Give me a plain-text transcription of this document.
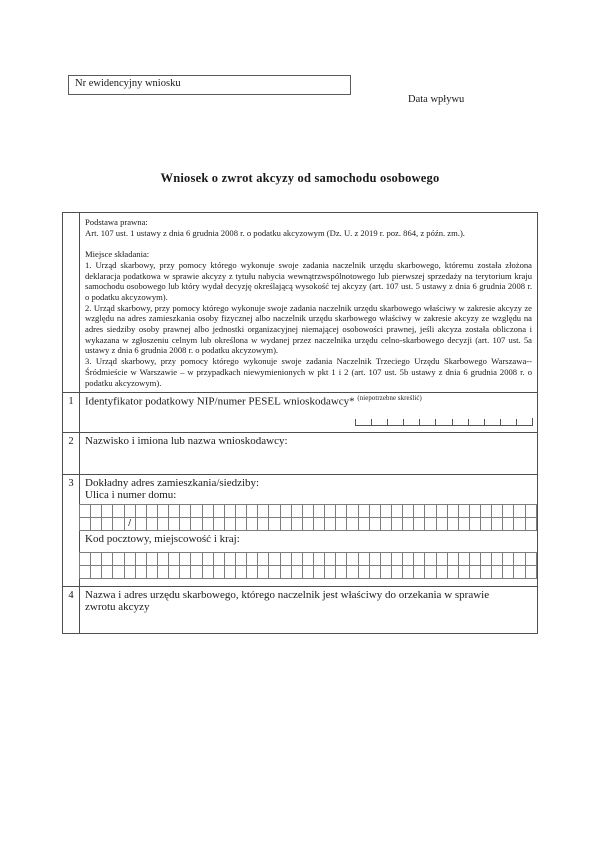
Nr ewidencyjny wniosku
Data wpływu
Wniosek o zwrot akcyzy od samochodu osobowego
Podstawa prawna:
Art. 107 ust. 1 ustawy z dnia 6 grudnia 2008 r. o podatku akcyzowym (Dz. U. z 2019 r. poz. 864, z późn. zm.).
Miejsce składania:
1. Urząd skarbowy, przy pomocy którego wykonuje swoje zadania naczelnik urzędu skarbowego, któremu została złożona deklaracja podatkowa w sprawie akcyzy z tytułu nabycia wewnątrzwspólnotowego lub pierwszej sprzedaży na terytorium kraju samochodu osobowego lub który wydał decyzję określającą wysokość tej akcyzy (art. 107 ust. 5 ustawy z dnia 6 grudnia 2008 r. o podatku akcyzowym).
2. Urząd skarbowy, przy pomocy którego wykonuje swoje zadania naczelnik urzędu skarbowego właściwy w zakresie akcyzy ze względu na adres zamieszkania osoby fizycznej albo naczelnik urzędu skarbowego właściwy w zakresie akcyzy ze względu na adres siedziby osoby prawnej albo jednostki organizacyjnej niemającej osobowości prawnej, jeśli akcyza została obliczona i wykazana w zgłoszeniu celnym lub określona w wydanej przez naczelnika urzędu celno-skarbowego decyzji (art. 107 ust. 5a ustawy z dnia 6 grudnia 2008 r. o podatku akcyzowym).
3. Urząd skarbowy, przy pomocy którego wykonuje swoje zadania Naczelnik Trzeciego Urzędu Skarbowego Warszawa--Śródmieście w Warszawie – w przypadkach niewymienionych w pkt 1 i 2 (art. 107 ust. 5b ustawy z dnia 6 grudnia 2008 r. o podatku akcyzowym).
1	Identyfikator podatkowy NIP/numer PESEL wnioskodawcy* $^{(niepotrzebne skreślić)}$
2	Nazwisko i imiona lub nazwa wnioskodawcy:
3	Dokładny adres zamieszkania/siedziby:
Ulica i numer domu:
/
Kod pocztowy, miejscowość i kraj:
4	Nazwa i adres urzędu skarbowego, którego naczelnik jest właściwy do orzekania w sprawie zwrotu akcyzy
